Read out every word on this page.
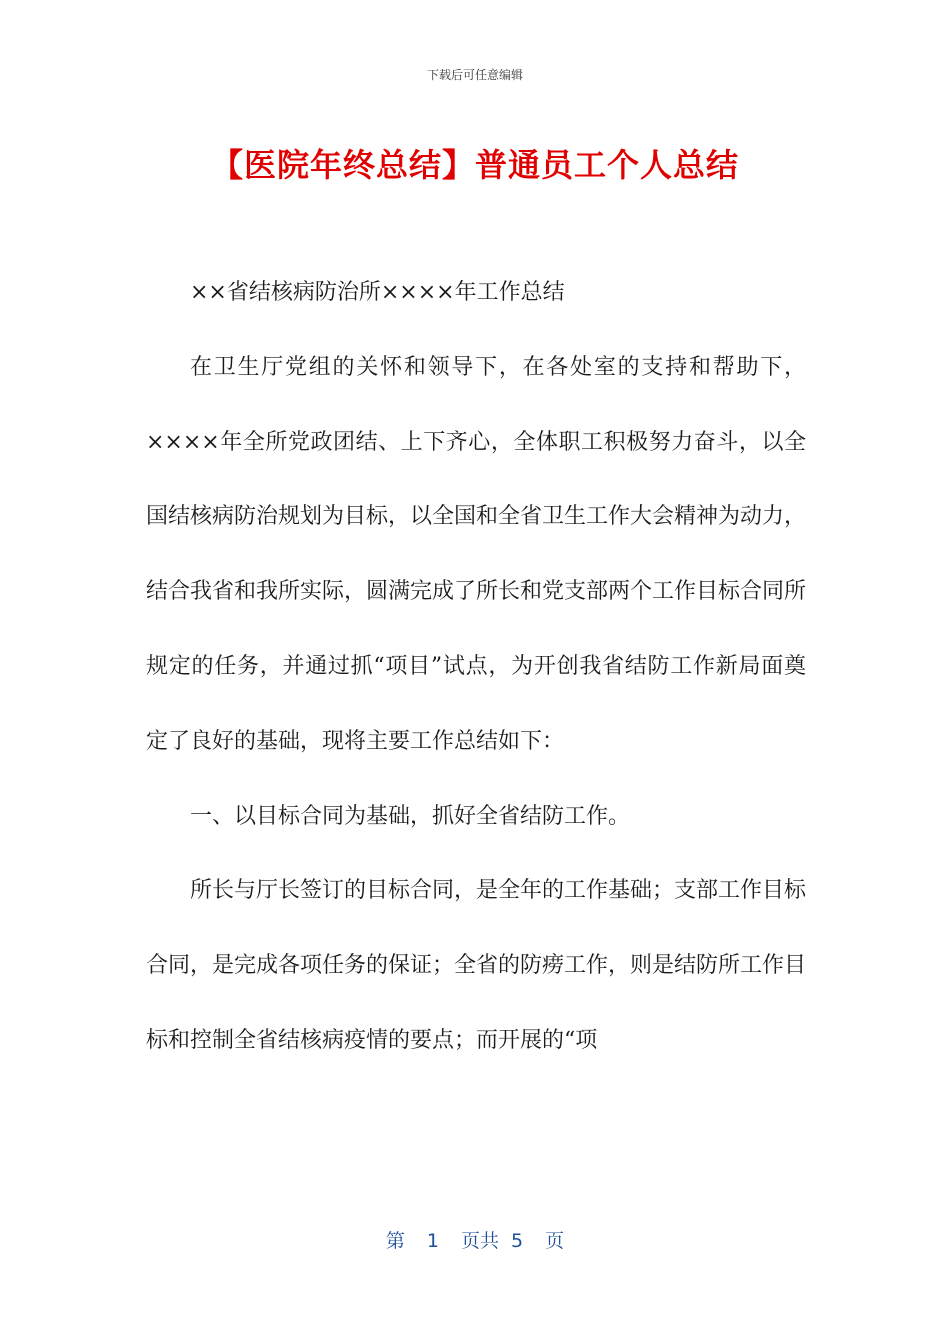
下载后可任意编辑
【医院年终总结】普通员工个人总结

××省结核病防治所××××年工作总结

在卫生厅党组的关怀和领导下，在各处室的支持和帮助下，××××年全所党政团结、上下齐心，全体职工积极努力奋斗，以全国结核病防治规划为目标，以全国和全省卫生工作大会精神为动力，结合我省和我所实际，圆满完成了所长和党支部两个工作目标合同所规定的任务，并通过抓“项目”试点，为开创我省结防工作新局面奠定了良好的基础，现将主要工作总结如下：

一、以目标合同为基础，抓好全省结防工作。

所长与厅长签订的目标合同，是全年的工作基础；支部工作目标合同，是完成各项任务的保证；全省的防痨工作，则是结防所工作目标和控制全省结核病疫情的要点；而开展的“项

第 1 页共 5 页
